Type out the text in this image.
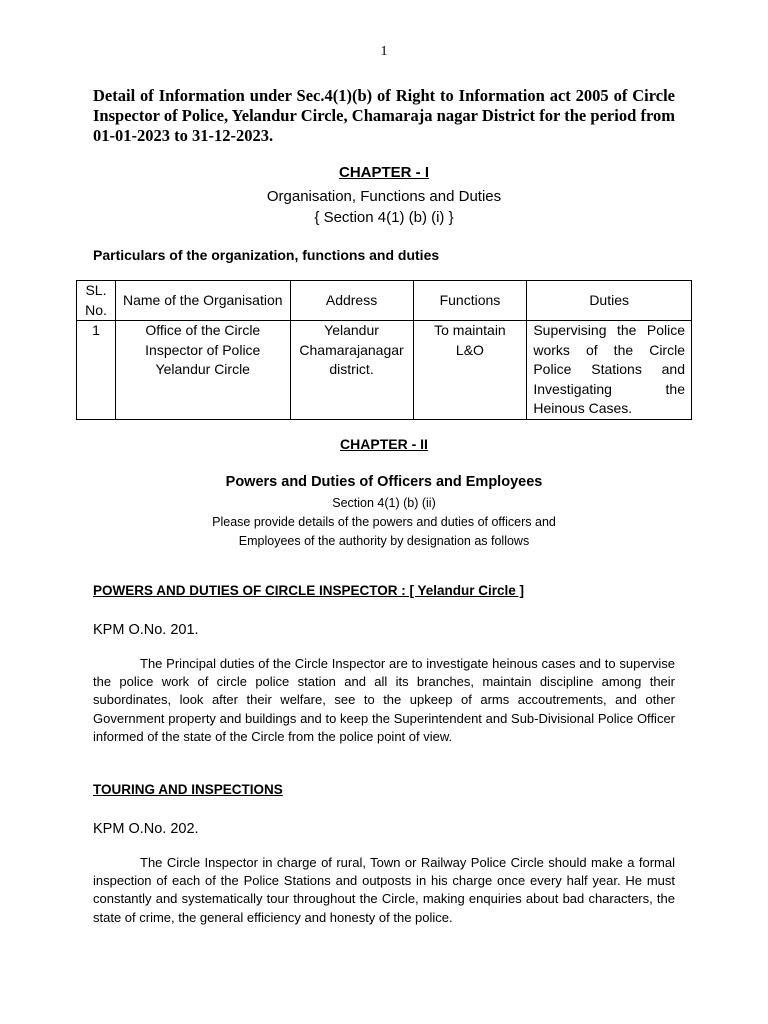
1
Detail of Information under Sec.4(1)(b) of Right to Information act 2005 of Circle Inspector of Police, Yelandur Circle, Chamaraja nagar District for the period from 01-01-2023 to 31-12-2023.
CHAPTER - I
Organisation, Functions and Duties
{ Section 4(1) (b) (i) }
Particulars of the organization, functions and duties
SL. No.	Name of the Organisation	Address	Functions	Duties
1	Office of the Circle Inspector of Police Yelandur Circle	Yelandur Chamarajanagar district.	To maintain L&O	Supervising the Police works of the Circle Police Stations and Investigating the Heinous Cases.
CHAPTER - II
Powers and Duties of Officers and Employees
Section 4(1) (b) (ii)
Please provide details of the powers and duties of officers and
Employees of the authority by designation as follows
POWERS AND DUTIES OF CIRCLE INSPECTOR : [ Yelandur Circle ]
KPM O.No. 201.
The Principal duties of the Circle Inspector are to investigate heinous cases and to supervise the police work of circle police station and all its branches, maintain discipline among their subordinates, look after their welfare, see to the upkeep of arms accoutrements, and other Government property and buildings and to keep the Superintendent and Sub-Divisional Police Officer informed of the state of the Circle from the police point of view.
TOURING AND INSPECTIONS
KPM O.No. 202.
The Circle Inspector in charge of rural, Town or Railway Police Circle should make a formal inspection of each of the Police Stations and outposts in his charge once every half year. He must constantly and systematically tour throughout the Circle, making enquiries about bad characters, the state of crime, the general efficiency and honesty of the police.
